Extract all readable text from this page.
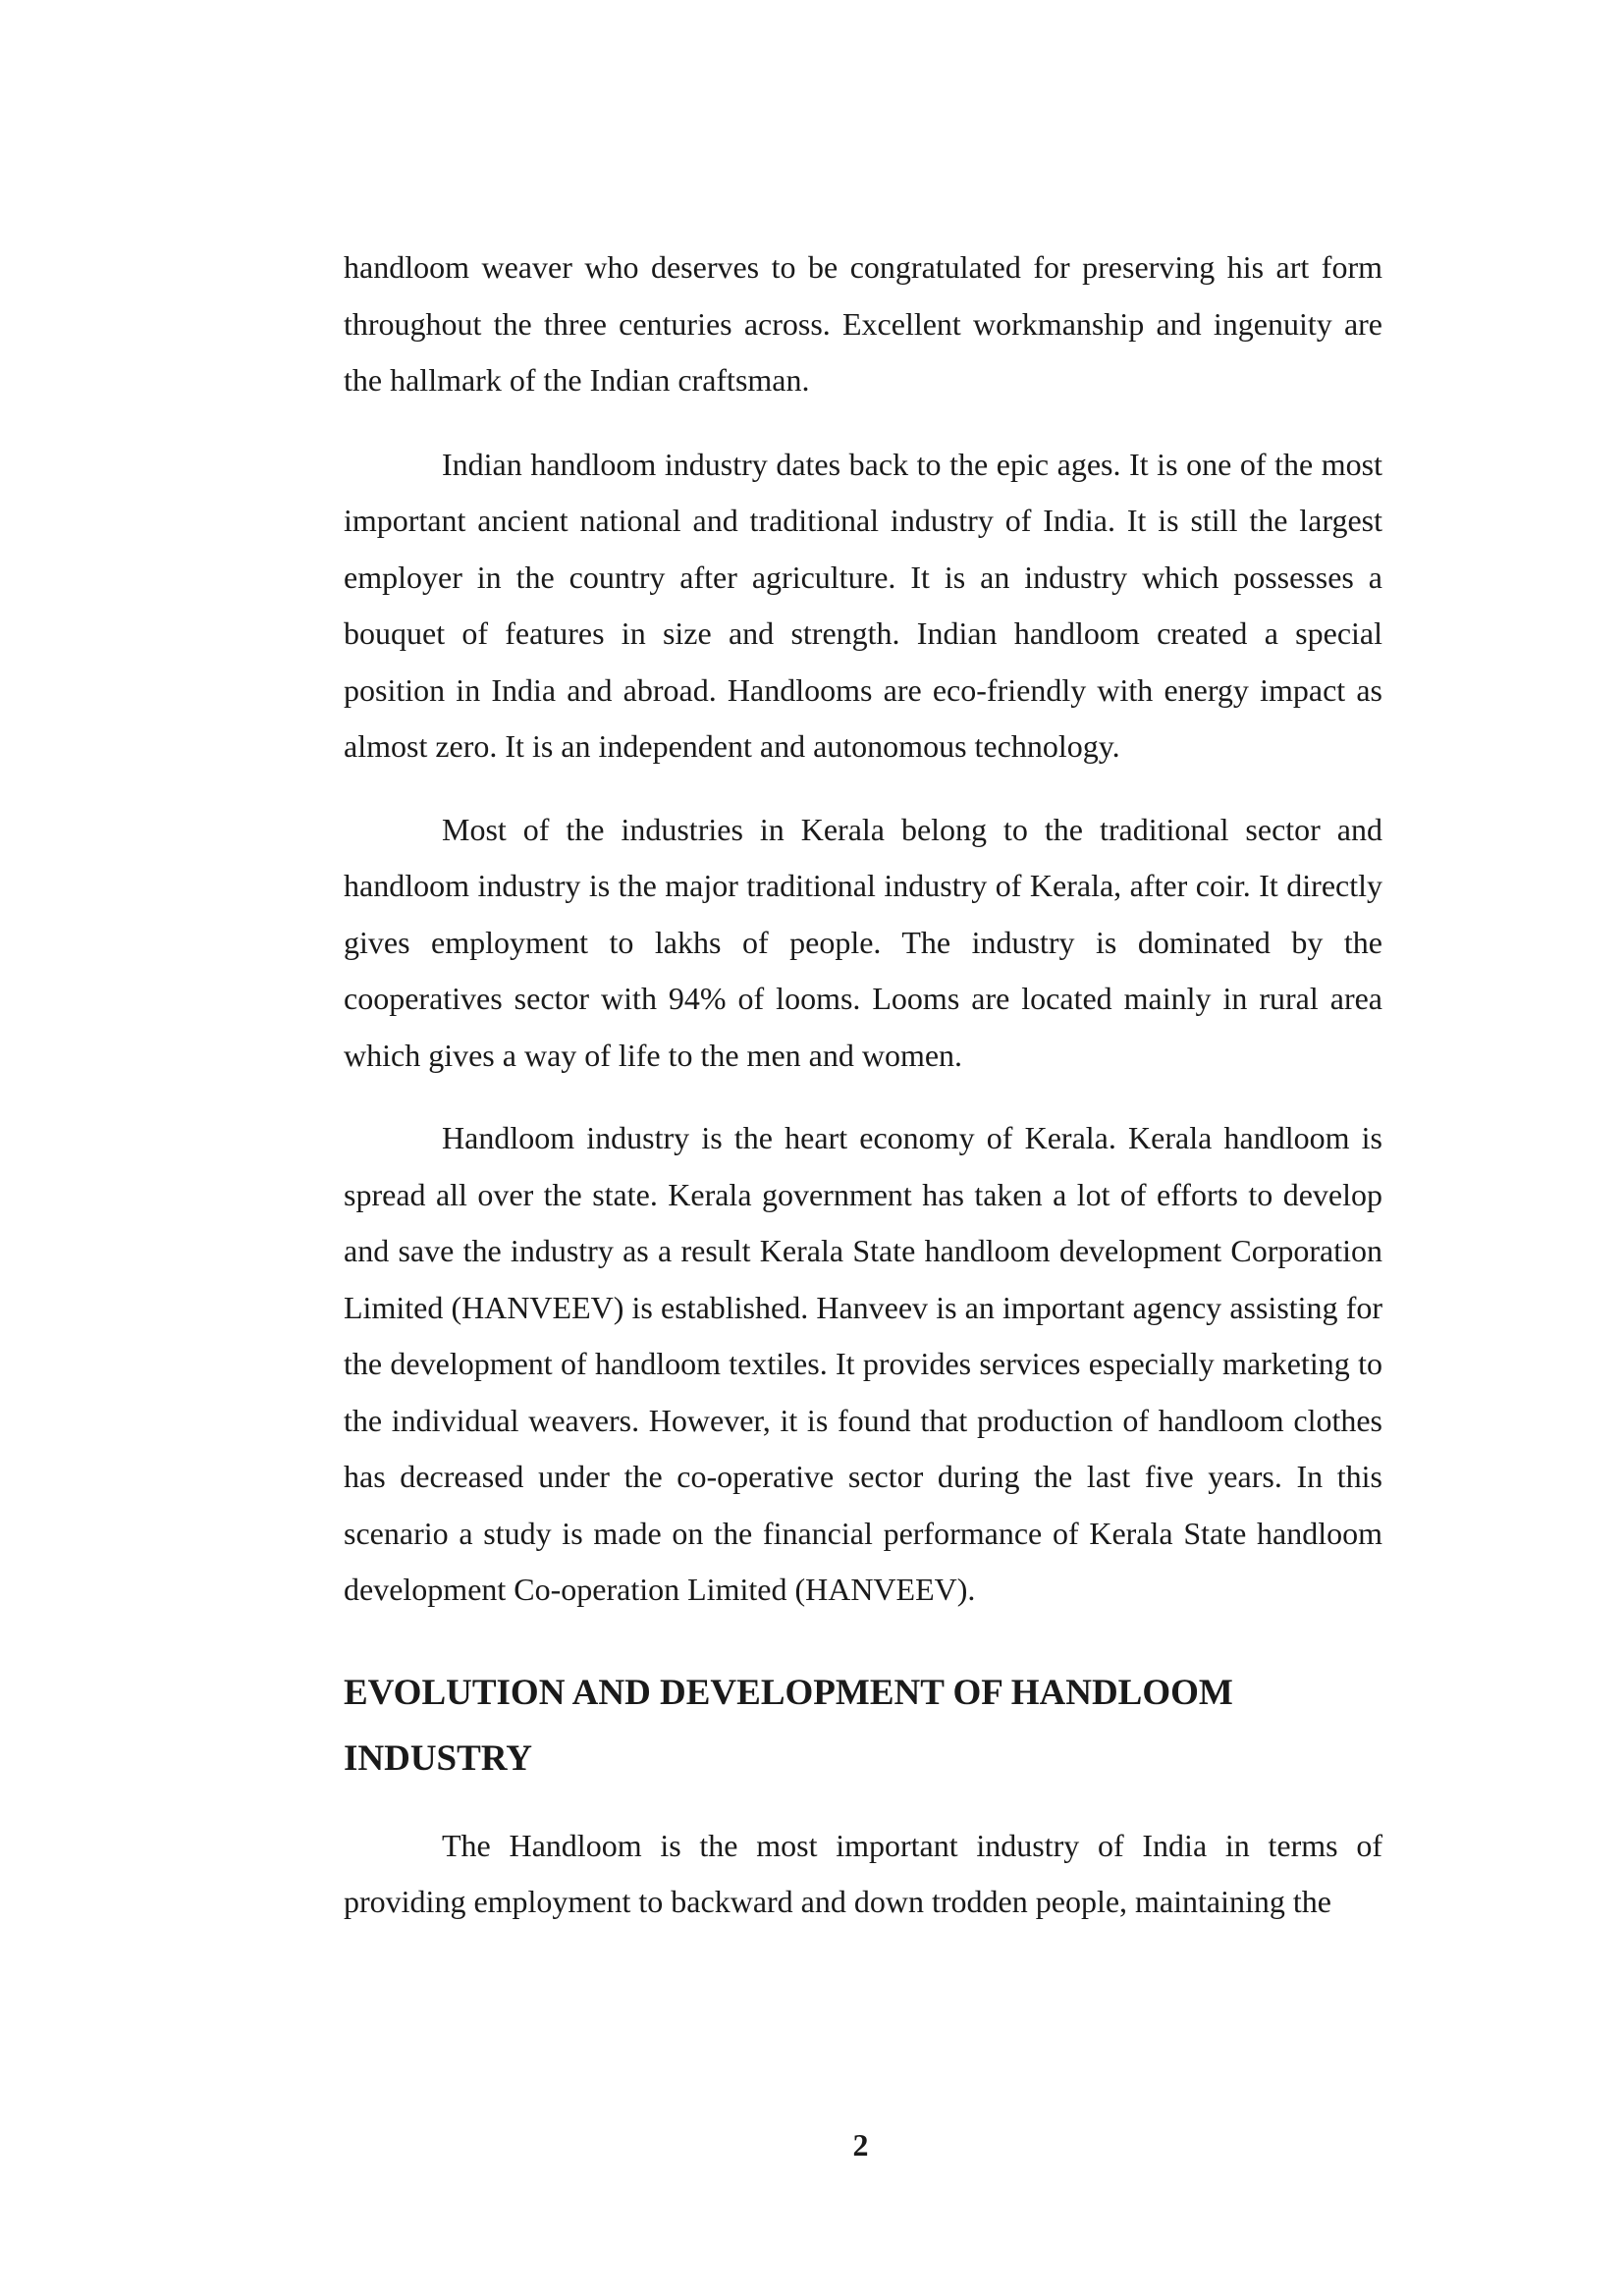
handloom weaver who deserves to be congratulated for preserving his art form throughout the three centuries across. Excellent workmanship and ingenuity are the hallmark of the Indian craftsman.

Indian handloom industry dates back to the epic ages. It is one of the most important ancient national and traditional industry of India. It is still the largest employer in the country after agriculture. It is an industry which possesses a bouquet of features in size and strength. Indian handloom created a special position in India and abroad. Handlooms are eco-friendly with energy impact as almost zero. It is an independent and autonomous technology.

Most of the industries in Kerala belong to the traditional sector and handloom industry is the major traditional industry of Kerala, after coir. It directly gives employment to lakhs of people. The industry is dominated by the cooperatives sector with 94% of looms. Looms are located mainly in rural area which gives a way of life to the men and women.

Handloom industry is the heart economy of Kerala. Kerala handloom is spread all over the state. Kerala government has taken a lot of efforts to develop and save the industry as a result Kerala State handloom development Corporation Limited (HANVEEV) is established. Hanveev is an important agency assisting for the development of handloom textiles. It provides services especially marketing to the individual weavers. However, it is found that production of handloom clothes has decreased under the co-operative sector during the last five years. In this scenario a study is made on the financial performance of Kerala State handloom development Co-operation Limited (HANVEEV).

EVOLUTION AND DEVELOPMENT OF HANDLOOM INDUSTRY

The Handloom is the most important industry of India in terms of providing employment to backward and down trodden people, maintaining the

2
